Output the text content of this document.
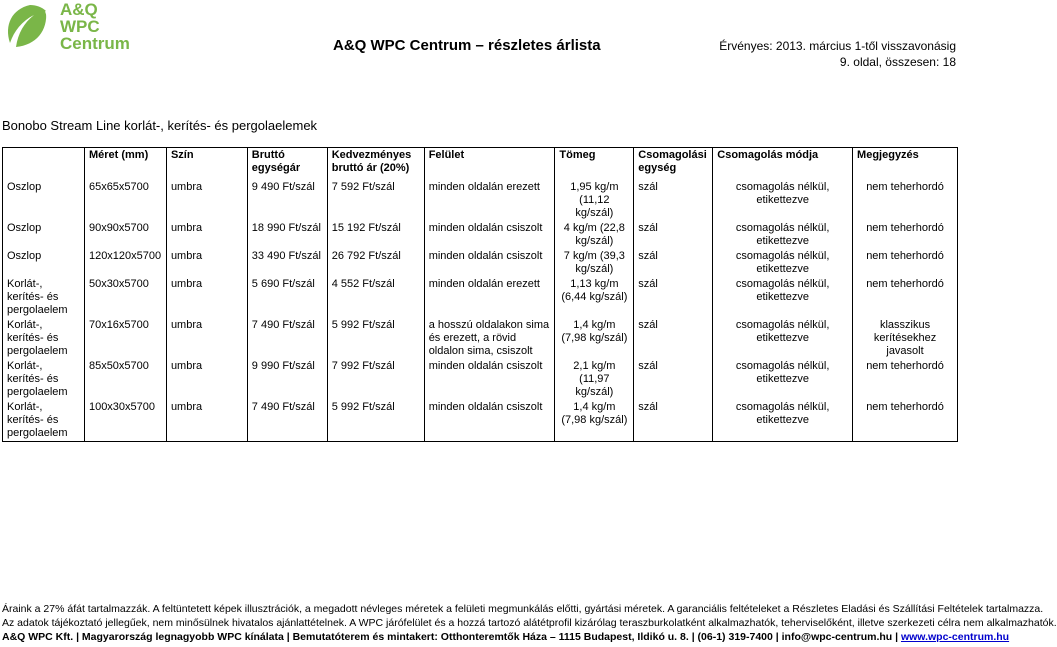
A&Q
WPC
Centrum	A&Q WPC Centrum – részletes árlista	Érvényes: 2013. március 1-től visszavonásig
9. oldal, összesen: 18
Bonobo Stream Line korlát-, kerítés- és pergolaelemek
	Méret (mm)	Szín	Bruttó egységár	Kedvezményes bruttó ár (20%)	Felület	Tömeg	Csomagolási egység	Csomagolás módja	Megjegyzés
Oszlop	65x65x5700	umbra	9 490 Ft/szál	7 592 Ft/szál	minden oldalán erezett	1,95 kg/m (11,12 kg/szál)	szál	csomagolás nélkül, etikettezve	nem teherhordó
Oszlop	90x90x5700	umbra	18 990 Ft/szál	15 192 Ft/szál	minden oldalán csiszolt	4 kg/m (22,8 kg/szál)	szál	csomagolás nélkül, etikettezve	nem teherhordó
Oszlop	120x120x5700	umbra	33 490 Ft/szál	26 792 Ft/szál	minden oldalán csiszolt	7 kg/m (39,3 kg/szál)	szál	csomagolás nélkül, etikettezve	nem teherhordó
Korlát-, kerítés- és pergolaelem	50x30x5700	umbra	5 690 Ft/szál	4 552 Ft/szál	minden oldalán erezett	1,13 kg/m (6,44 kg/szál)	szál	csomagolás nélkül, etikettezve	nem teherhordó
Korlát-, kerítés- és pergolaelem	70x16x5700	umbra	7 490 Ft/szál	5 992 Ft/szál	a hosszú oldalakon sima és erezett, a rövid oldalon sima, csiszolt	1,4 kg/m (7,98 kg/szál)	szál	csomagolás nélkül, etikettezve	klasszikus kerítésekhez javasolt
Korlát-, kerítés- és pergolaelem	85x50x5700	umbra	9 990 Ft/szál	7 992 Ft/szál	minden oldalán csiszolt	2,1 kg/m (11,97 kg/szál)	szál	csomagolás nélkül, etikettezve	nem teherhordó
Korlát-, kerítés- és pergolaelem	100x30x5700	umbra	7 490 Ft/szál	5 992 Ft/szál	minden oldalán csiszolt	1,4 kg/m (7,98 kg/szál)	szál	csomagolás nélkül, etikettezve	nem teherhordó
Áraink a 27% áfát tartalmazzák. A feltüntetett képek illusztrációk, a megadott névleges méretek a felületi megmunkálás előtti, gyártási méretek. A garanciális feltételeket a Részletes Eladási és Szállítási Feltételek tartalmazza.
Az adatok tájékoztató jellegűek, nem minősülnek hivatalos ajánlattételnek. A WPC járófelület és a hozzá tartozó alátétprofil kizárólag teraszburkolatként alkalmazhatók, teherviselőként, illetve szerkezeti célra nem alkalmazhatók.
A&Q WPC Kft. | Magyarország legnagyobb WPC kínálata | Bemutatóterem és mintakert: Otthonteremtők Háza – 1115 Budapest, Ildikó u. 8. | (06-1) 319-7400 | info@wpc-centrum.hu | www.wpc-centrum.hu
